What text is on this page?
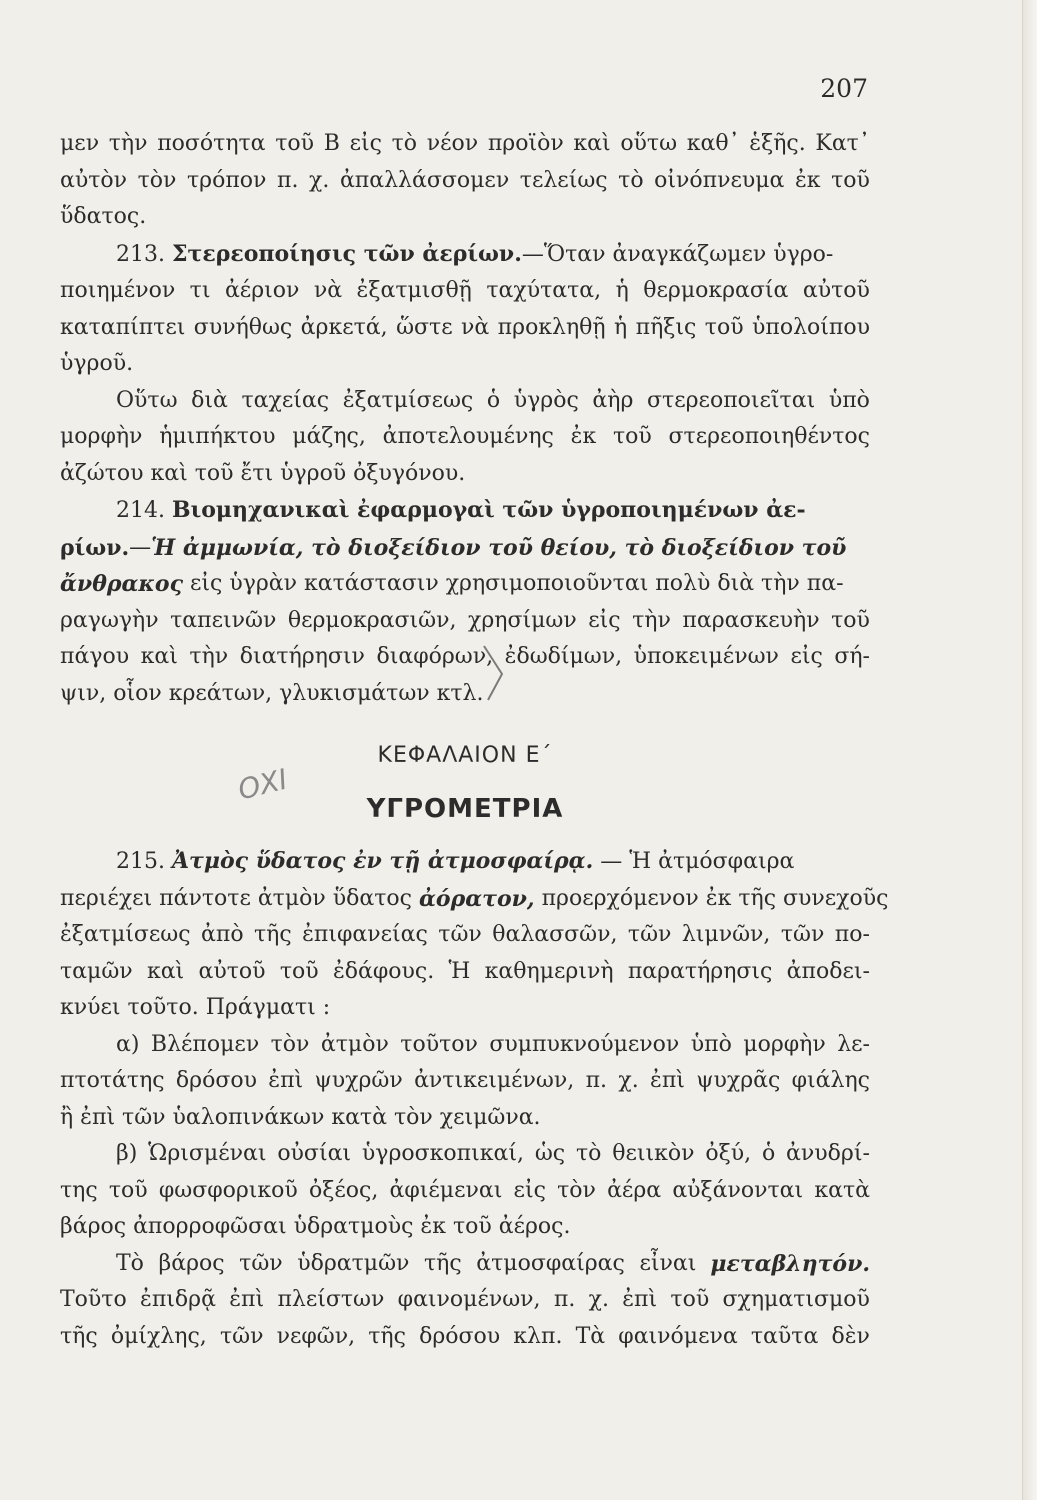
207
μεν τὴν ποσότητα τοῦ Β εἰς τὸ νέον προϊὸν καὶ οὕτω καθ᾽ ἑξῆς. Κατ᾽
αὐτὸν τὸν τρόπον π. χ. ἀπαλλάσσομεν τελείως τὸ οἰνόπνευμα ἐκ τοῦ
ὕδατος.
213. Στερεοποίησις τῶν ἀερίων.—Ὅταν ἀναγκάζωμεν ὑγρο-
ποιημένον τι ἀέριον νὰ ἐξατμισθῇ ταχύτατα, ἡ θερμοκρασία αὐτοῦ
καταπίπτει συνήθως ἀρκετά, ὥστε νὰ προκληθῇ ἡ πῆξις τοῦ ὑπολοίπου
ὑγροῦ.
Οὕτω διὰ ταχείας ἐξατμίσεως ὁ ὑγρὸς ἀὴρ στερεοποιεῖται ὑπὸ
μορφὴν ἡμιπήκτου μάζης, ἀποτελουμένης ἐκ τοῦ στερεοποιηθέντος
ἀζώτου καὶ τοῦ ἔτι ὑγροῦ ὀξυγόνου.
214. Βιομηχανικαὶ ἐφαρμογαὶ τῶν ὑγροποιημένων ἀε-
ρίων. — Ἡ ἀμμωνία, τὸ διοξείδιον τοῦ θείου, τὸ διοξείδιον τοῦ
ἄνθρακος
εἰς ὑγρὰν κατάστασιν χρησιμοποιοῦνται πολὺ διὰ τὴν πα-
ραγωγὴν ταπεινῶν θερμοκρασιῶν, χρησίμων εἰς τὴν παρασκευὴν τοῦ
πάγου καὶ τὴν διατήρησιν διαφόρων, ἐδωδίμων, ὑποκειμένων εἰς σή-
ψιν, οἷον κρεάτων, γλυκισμάτων κτλ.
ΚΕΦΑΛΑΙΟΝ Ε΄
ΥΓΡΟΜΕΤΡΙΑ
215. Ἀτμὸς ὕδατος ἐν τῇ ἀτμοσφαίρᾳ. — Ἡ ἀτμόσφαιρα
περιέχει πάντοτε ἀτμὸν ὕδατος
ἀόρατον,
προερχόμενον ἐκ τῆς συνεχοῦς
ἐξατμίσεως ἀπὸ τῆς ἐπιφανείας τῶν θαλασσῶν, τῶν λιμνῶν, τῶν πο-
ταμῶν καὶ αὐτοῦ τοῦ ἐδάφους. Ἡ καθημερινὴ παρατήρησις ἀποδει-
κνύει τοῦτο. Πράγματι :
α) Βλέπομεν τὸν ἀτμὸν τοῦτον συμπυκνούμενον ὑπὸ μορφὴν λε-
πτοτάτης δρόσου ἐπὶ ψυχρῶν ἀντικειμένων, π. χ. ἐπὶ ψυχρᾶς φιάλης
ἢ ἐπὶ τῶν ὑαλοπινάκων κατὰ τὸν χειμῶνα.
β) Ὡρισμέναι οὐσίαι ὑγροσκοπικαί, ὡς τὸ θειικὸν ὀξύ, ὁ ἀνυδρί-
της τοῦ φωσφορικοῦ ὀξέος, ἀφιέμεναι εἰς τὸν ἀέρα αὐξάνονται κατὰ
βάρος ἀπορροφῶσαι ὑδρατμοὺς ἐκ τοῦ ἀέρος.
Τὸ βάρος τῶν ὑδρατμῶν τῆς ἀτμοσφαίρας εἶναι μεταβλητόν.
Τοῦτο ἐπιδρᾷ ἐπὶ πλείστων φαινομένων, π. χ. ἐπὶ τοῦ σχηματισμοῦ
τῆς ὀμίχλης, τῶν νεφῶν, τῆς δρόσου κλπ. Τὰ φαινόμενα ταῦτα δὲν
ΟΧΙ
